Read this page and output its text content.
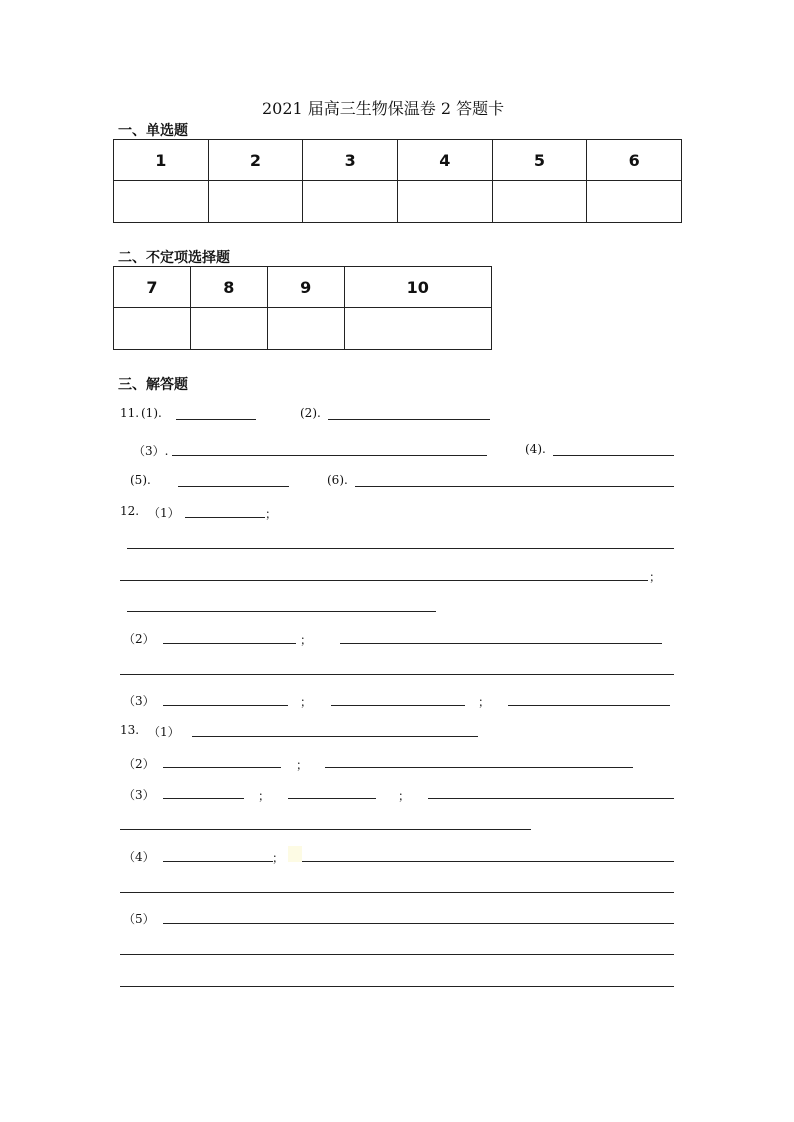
2021 届高三生物保温卷 2 答题卡
一、单选题
1	2	3	4	5	6

二、不定项选择题
7	8	9	10

三、解答题
11. (1).	(2).
（3）.	(4).
(5).	(6).
12. （1）	；
；
（2）	；
（3）	；	；
13. （1）
（2）	；
（3）	；	；
（4）	；
（5）
